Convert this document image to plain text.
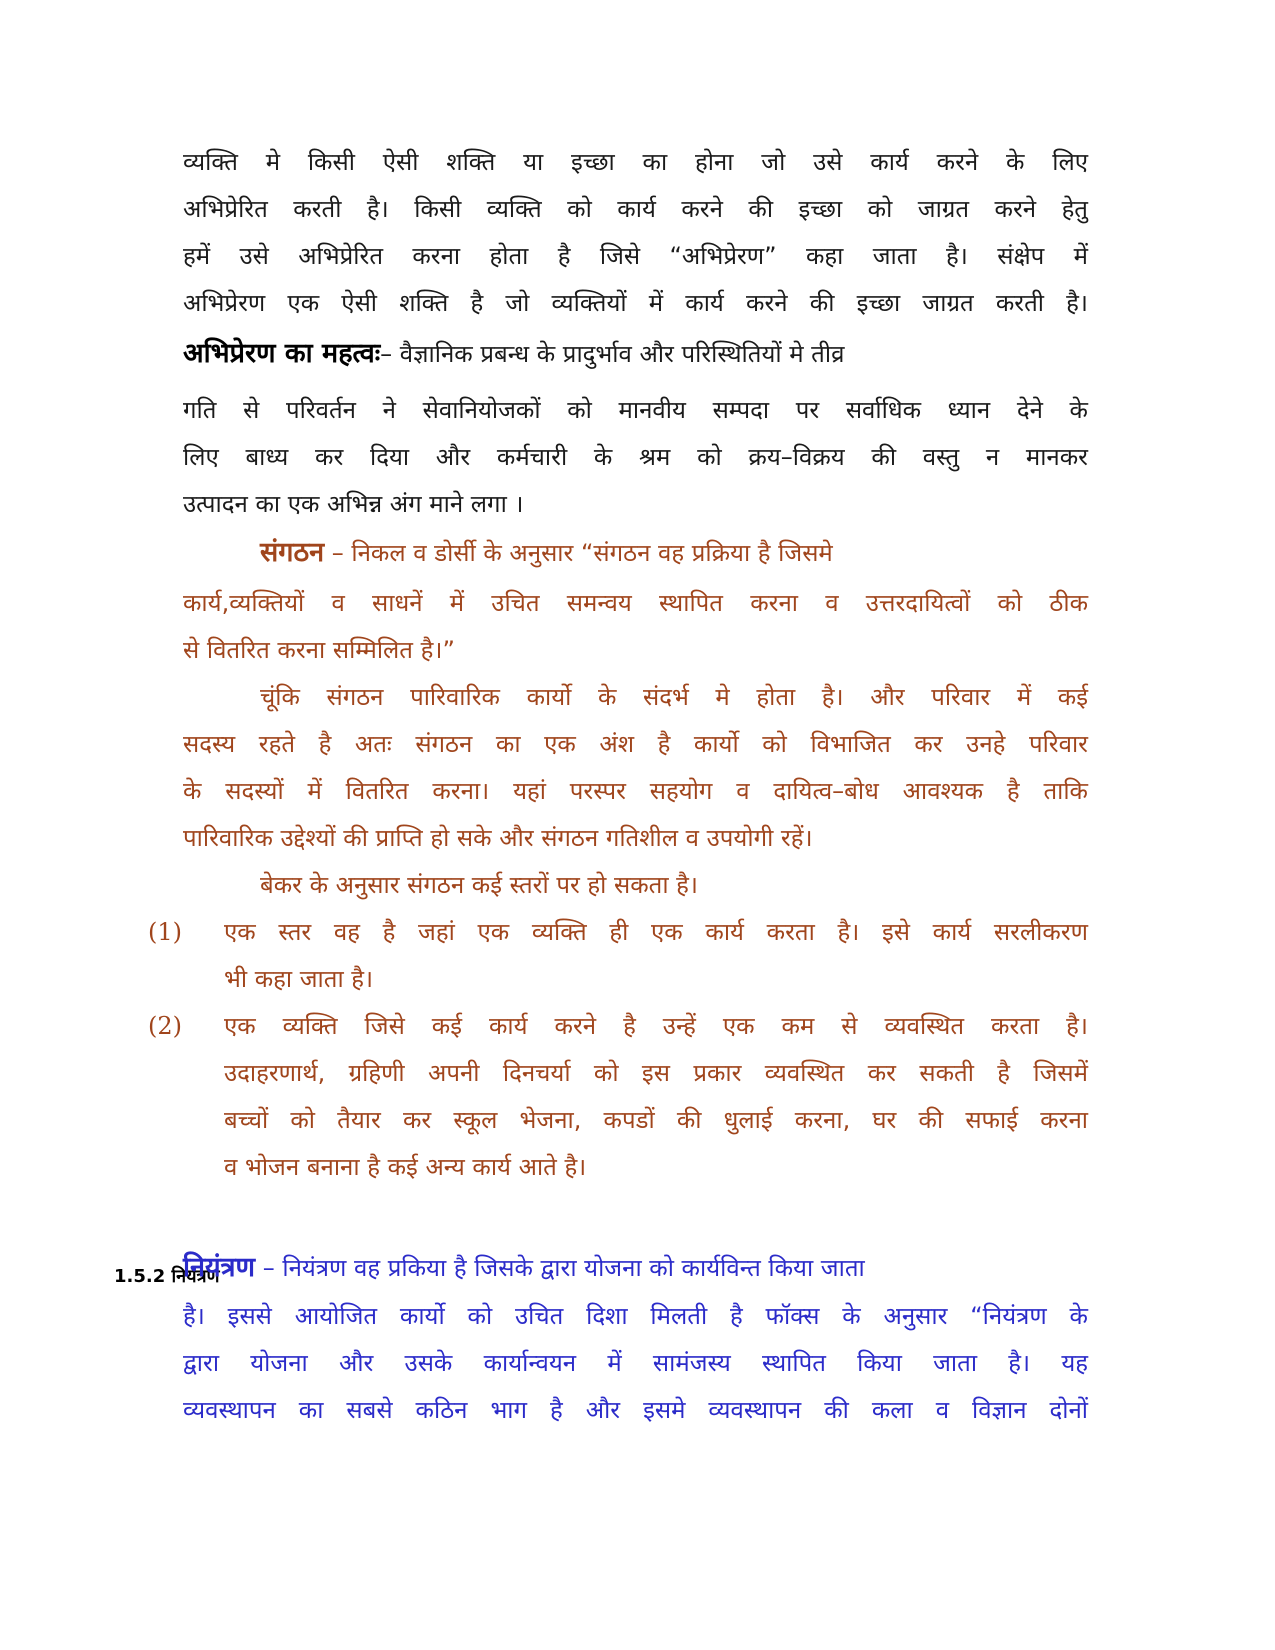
व्यक्ति मे किसी ऐसी शक्ति या इच्छा का होना जो उसे कार्य करने के लिए
अभिप्रेरित करती है। किसी व्यक्ति को कार्य करने की इच्छा को जाग्रत करने हेतु
हमें उसे अभिप्रेरित करना होता है जिसे “अभिप्रेरण” कहा जाता है। संक्षेप में
अभिप्रेरण एक ऐसी शक्ति है जो व्यक्तियों में कार्य करने की इच्छा जाग्रत करती है।
अभिप्रेरण का महत्वः– वैज्ञानिक प्रबन्ध के प्रादुर्भाव और परिस्थितियों मे तीव्र
गति से परिवर्तन ने सेवानियोजकों को मानवीय सम्पदा पर सर्वाधिक ध्यान देने के
लिए बाध्य कर दिया और कर्मचारी के श्रम को क्रय–विक्रय की वस्तु न मानकर
उत्पादन का एक अभिन्न अंग माने लगा ।
संगठन – निकल व डोर्सी के अनुसार “संगठन वह प्रक्रिया है जिसमे
कार्य,व्यक्तियों व साधनें में उचित समन्वय स्थापित करना व उत्तरदायित्वों को ठीक
से वितरित करना सम्मिलित है।”
चूंकि संगठन पारिवारिक कार्यो के संदर्भ मे होता है। और परिवार में कई
सदस्य रहते है अतः संगठन का एक अंश है कार्यो को विभाजित कर उनहे परिवार
के सदस्यों में वितरित करना। यहां परस्पर सहयोग व दायित्व–बोध आवश्यक है ताकि
पारिवारिक उद्देश्यों की प्राप्ति हो सके और संगठन गतिशील व उपयोगी रहें।
बेकर के अनुसार संगठन कई स्तरों पर हो सकता है।
(1) एक स्तर वह है जहां एक व्यक्ति ही एक कार्य करता है। इसे कार्य सरलीकरण
भी कहा जाता है।
(2) एक व्यक्ति जिसे कई कार्य करने है उन्हें एक कम से व्यवस्थित करता है।
उदाहरणार्थ, ग्रहिणी अपनी दिनचर्या को इस प्रकार व्यवस्थित कर सकती है जिसमें
बच्चों को तैयार कर स्कूल भेजना, कपडों की धुलाई करना, घर की सफाई करना
व भोजन बनाना है कई अन्य कार्य आते है।
1.5.2 नियंत्रण
नियंत्रण – नियंत्रण वह प्रकिया है जिसके द्वारा योजना को कार्यविन्त किया जाता
है। इससे आयोजित कार्यो को उचित दिशा मिलती है फॉक्स के अनुसार “नियंत्रण के
द्वारा योजना और उसके कार्यान्वयन में सामंजस्य स्थापित किया जाता है। यह
व्यवस्थापन का सबसे कठिन भाग है और इसमे व्यवस्थापन की कला व विज्ञान दोनों
